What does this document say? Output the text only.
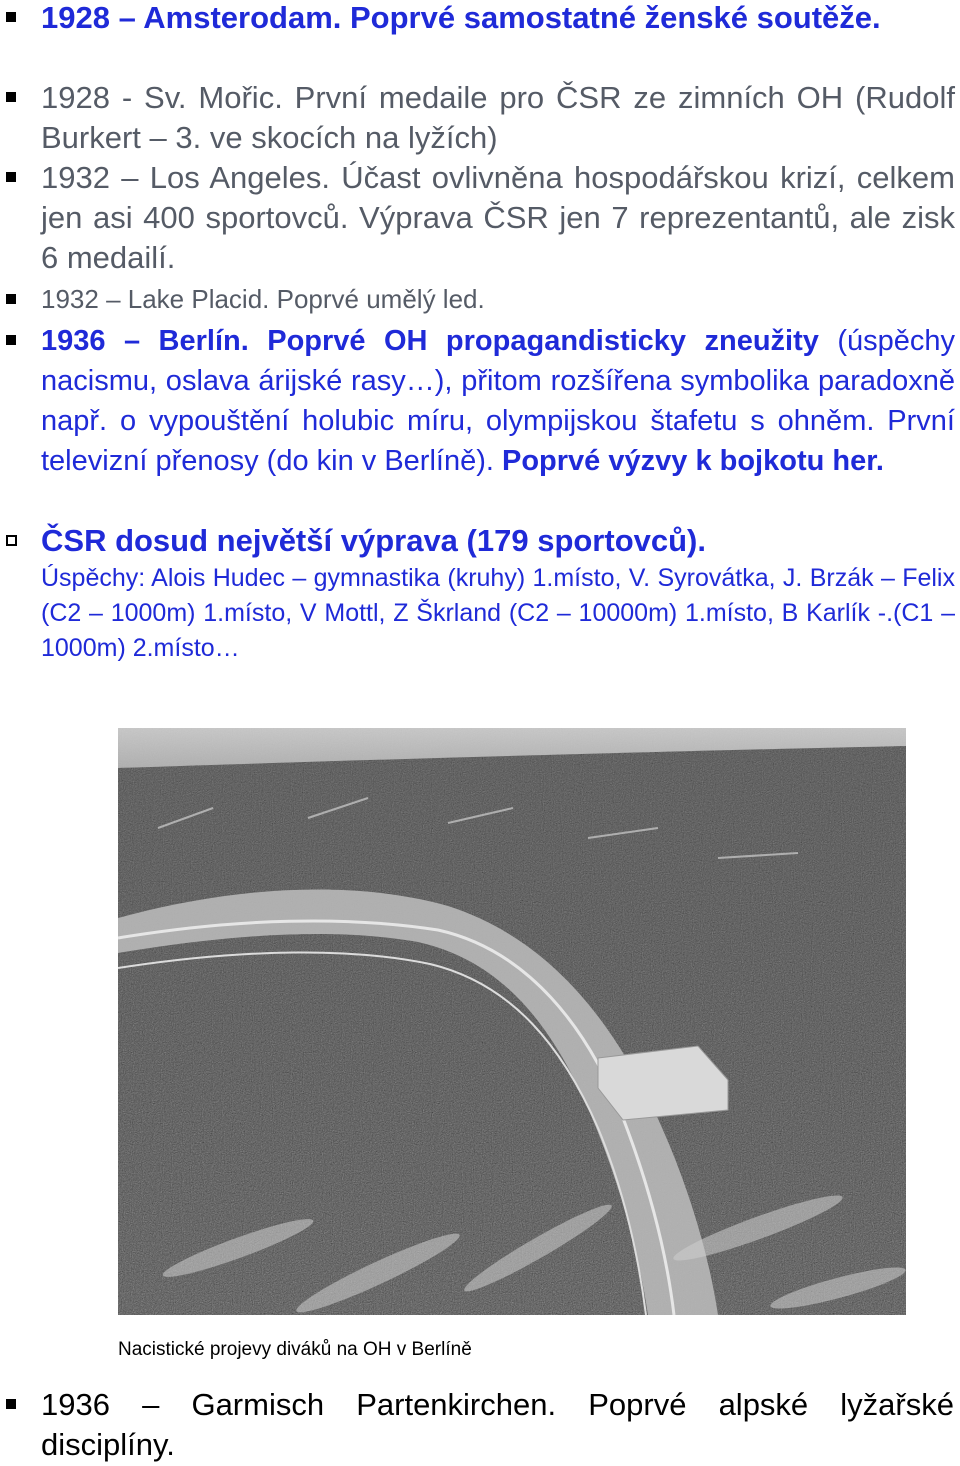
1928 – Amsterodam. Poprvé samostatné ženské soutěže.
1928 - Sv. Mořic. První medaile pro ČSR ze zimních OH (Rudolf Burkert – 3. ve skocích na lyžích)
1932 – Los Angeles. Účast ovlivněna hospodářskou krizí, celkem jen asi 400 sportovců. Výprava ČSR jen 7 reprezentantů, ale zisk 6 medailí.
1932 – Lake Placid. Poprvé umělý led.
1936 – Berlín. Poprvé OH propagandisticky zneužity (úspěchy nacismu, oslava árijské rasy…), přitom rozšířena symbolika paradoxně např. o vypouštění holubic míru, olympijskou štafetu s ohněm. První televizní přenosy (do kin v Berlíně). Poprvé výzvy k bojkotu her.
ČSR dosud největší výprava (179 sportovců).
Úspěchy: Alois Hudec – gymnastika (kruhy) 1.místo, V. Syrovátka, J. Brzák – Felix (C2 – 1000m) 1.místo, V Mottl, Z Škrland (C2 – 10000m) 1.místo, B Karlík -.(C1 – 1000m) 2.místo…
Nacistické projevy diváků na OH v Berlíně
1936 – Garmisch Partenkirchen. Poprvé alpské lyžařské disciplíny.
